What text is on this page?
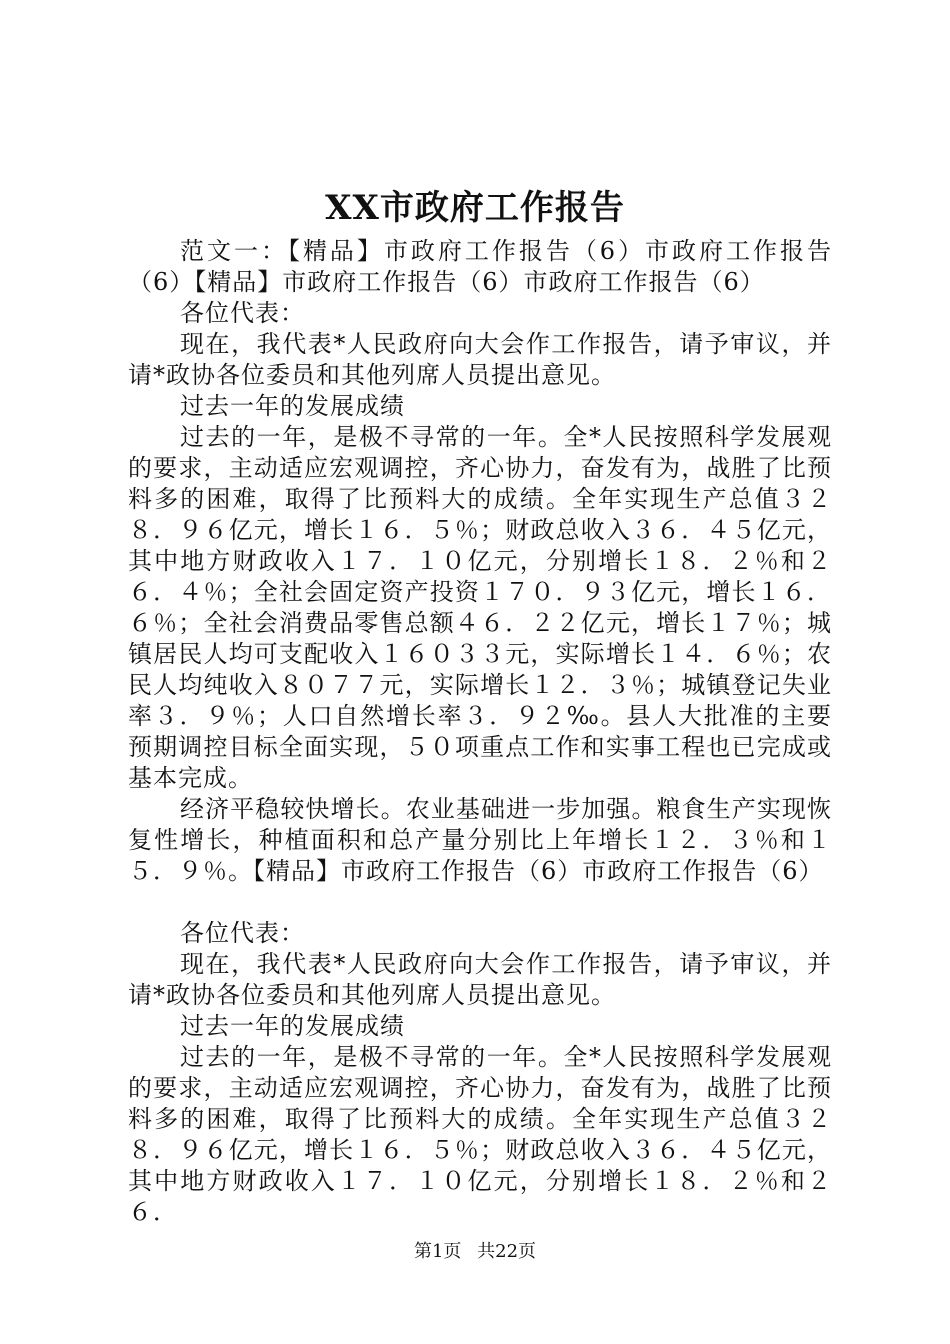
XX市政府工作报告

范文一：【精品】市政府工作报告（6）市政府工作报告（6）【精品】市政府工作报告（6）市政府工作报告（6）

各位代表：

现在，我代表*人民政府向大会作工作报告，请予审议，并请*政协各位委员和其他列席人员提出意见。

过去一年的发展成绩

过去的一年，是极不寻常的一年。全*人民按照科学发展观的要求，主动适应宏观调控，齐心协力，奋发有为，战胜了比预料多的困难，取得了比预料大的成绩。全年实现生产总值３２８．９６亿元，增长１６．５％；财政总收入３６．４５亿元，其中地方财政收入１７．１０亿元，分别增长１８．２％和２６．４％；全社会固定资产投资１７０．９３亿元，增长１６．６％；全社会消费品零售总额４６．２２亿元，增长１７％；城镇居民人均可支配收入１６０３３元，实际增长１４．６％；农民人均纯收入８０７７元，实际增长１２．３％；城镇登记失业率３．９％；人口自然增长率３．９２‰。县人大批准的主要预期调控目标全面实现，５０项重点工作和实事工程也已完成或基本完成。

经济平稳较快增长。农业基础进一步加强。粮食生产实现恢复性增长，种植面积和总产量分别比上年增长１２．３％和１５．９％。【精品】市政府工作报告（6）市政府工作报告（6）

各位代表：

现在，我代表*人民政府向大会作工作报告，请予审议，并请*政协各位委员和其他列席人员提出意见。

过去一年的发展成绩

过去的一年，是极不寻常的一年。全*人民按照科学发展观的要求，主动适应宏观调控，齐心协力，奋发有为，战胜了比预料多的困难，取得了比预料大的成绩。全年实现生产总值３２８．９６亿元，增长１６．５％；财政总收入３６．４５亿元，其中地方财政收入１７．１０亿元，分别增长１８．２％和２６．

第1页 共22页
